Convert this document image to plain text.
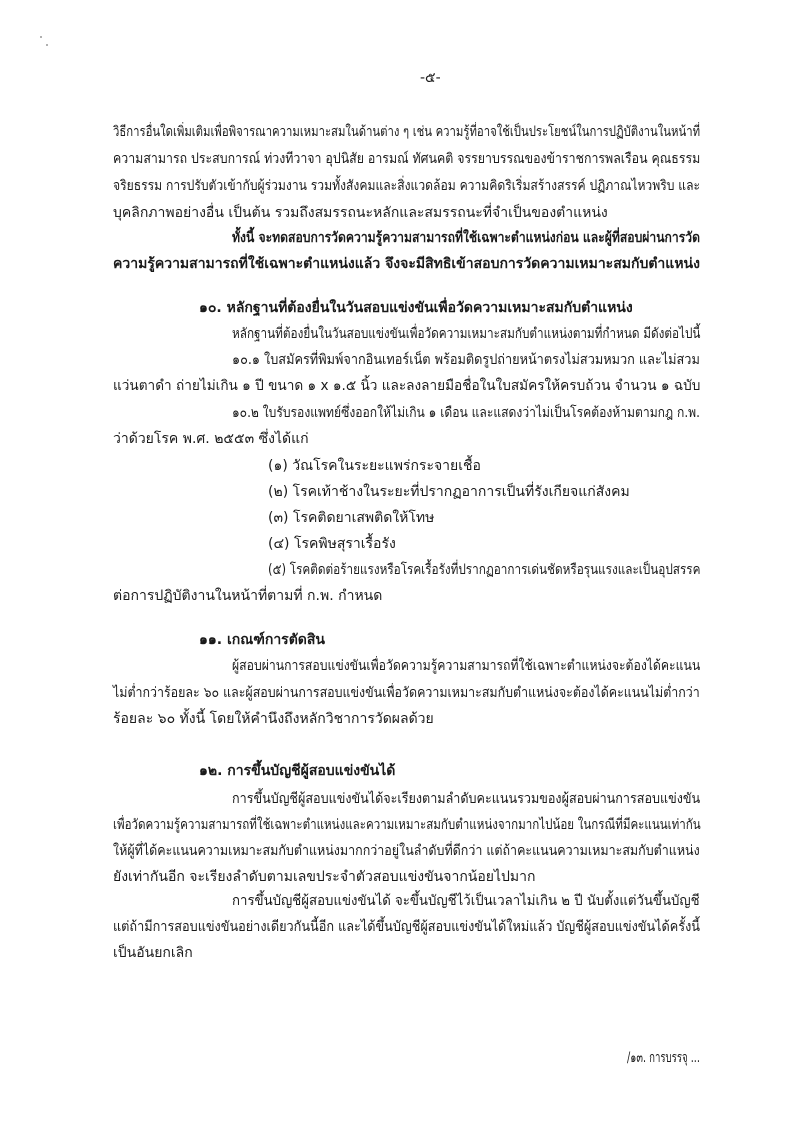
-๕-
วิธีการอื่นใดเพิ่มเติมเพื่อพิจารณาความเหมาะสมในด้านต่าง ๆ เช่น ความรู้ที่อาจใช้เป็นประโยชน์ในการปฏิบัติงานในหน้าที่
ความสามารถ ประสบการณ์ ท่วงทีวาจา อุปนิสัย อารมณ์ ทัศนคติ จรรยาบรรณของข้าราชการพลเรือน คุณธรรม
จริยธรรม การปรับตัวเข้ากับผู้ร่วมงาน รวมทั้งสังคมและสิ่งแวดล้อม ความคิดริเริ่มสร้างสรรค์ ปฏิภาณไหวพริบ และ
บุคลิกภาพอย่างอื่น เป็นต้น รวมถึงสมรรถนะหลักและสมรรถนะที่จำเป็นของตำแหน่ง
ทั้งนี้ จะทดสอบการวัดความรู้ความสามารถที่ใช้เฉพาะตำแหน่งก่อน และผู้ที่สอบผ่านการวัด
ความรู้ความสามารถที่ใช้เฉพาะตำแหน่งแล้ว จึงจะมีสิทธิเข้าสอบการวัดความเหมาะสมกับตำแหน่ง
๑๐. หลักฐานที่ต้องยื่นในวันสอบแข่งขันเพื่อวัดความเหมาะสมกับตำแหน่ง
หลักฐานที่ต้องยื่นในวันสอบแข่งขันเพื่อวัดความเหมาะสมกับตำแหน่งตามที่กำหนด มีดังต่อไปนี้
๑๐.๑ ใบสมัครที่พิมพ์จากอินเทอร์เน็ต พร้อมติดรูปถ่ายหน้าตรงไม่สวมหมวก และไม่สวม
แว่นตาดำ ถ่ายไม่เกิน ๑ ปี ขนาด ๑ x ๑.๕ นิ้ว และลงลายมือชื่อในใบสมัครให้ครบถ้วน จำนวน ๑ ฉบับ
๑๐.๒ ใบรับรองแพทย์ซึ่งออกให้ไม่เกิน ๑ เดือน และแสดงว่าไม่เป็นโรคต้องห้ามตามกฎ ก.พ.
ว่าด้วยโรค พ.ศ. ๒๕๕๓ ซึ่งได้แก่
(๑) วัณโรคในระยะแพร่กระจายเชื้อ
(๒) โรคเท้าช้างในระยะที่ปรากฏอาการเป็นที่รังเกียจแก่สังคม
(๓) โรคติดยาเสพติดให้โทษ
(๔) โรคพิษสุราเรื้อรัง
(๕) โรคติดต่อร้ายแรงหรือโรคเรื้อรังที่ปรากฏอาการเด่นชัดหรือรุนแรงและเป็นอุปสรรค
ต่อการปฏิบัติงานในหน้าที่ตามที่ ก.พ. กำหนด
๑๑. เกณฑ์การตัดสิน
ผู้สอบผ่านการสอบแข่งขันเพื่อวัดความรู้ความสามารถที่ใช้เฉพาะตำแหน่งจะต้องได้คะแนน
ไม่ต่ำกว่าร้อยละ ๖๐ และผู้สอบผ่านการสอบแข่งขันเพื่อวัดความเหมาะสมกับตำแหน่งจะต้องได้คะแนนไม่ต่ำกว่า
ร้อยละ ๖๐ ทั้งนี้ โดยให้คำนึงถึงหลักวิชาการวัดผลด้วย
๑๒. การขึ้นบัญชีผู้สอบแข่งขันได้
การขึ้นบัญชีผู้สอบแข่งขันได้จะเรียงตามลำดับคะแนนรวมของผู้สอบผ่านการสอบแข่งขัน
เพื่อวัดความรู้ความสามารถที่ใช้เฉพาะตำแหน่งและความเหมาะสมกับตำแหน่งจากมากไปน้อย ในกรณีที่มีคะแนนเท่ากัน
ให้ผู้ที่ได้คะแนนความเหมาะสมกับตำแหน่งมากกว่าอยู่ในลำดับที่ดีกว่า แต่ถ้าคะแนนความเหมาะสมกับตำแหน่ง
ยังเท่ากันอีก จะเรียงลำดับตามเลขประจำตัวสอบแข่งขันจากน้อยไปมาก
การขึ้นบัญชีผู้สอบแข่งขันได้ จะขึ้นบัญชีไว้เป็นเวลาไม่เกิน ๒ ปี นับตั้งแต่วันขึ้นบัญชี
แต่ถ้ามีการสอบแข่งขันอย่างเดียวกันนี้อีก และได้ขึ้นบัญชีผู้สอบแข่งขันได้ใหม่แล้ว บัญชีผู้สอบแข่งขันได้ครั้งนี้
เป็นอันยกเลิก
/๑๓. การบรรจุ ...
